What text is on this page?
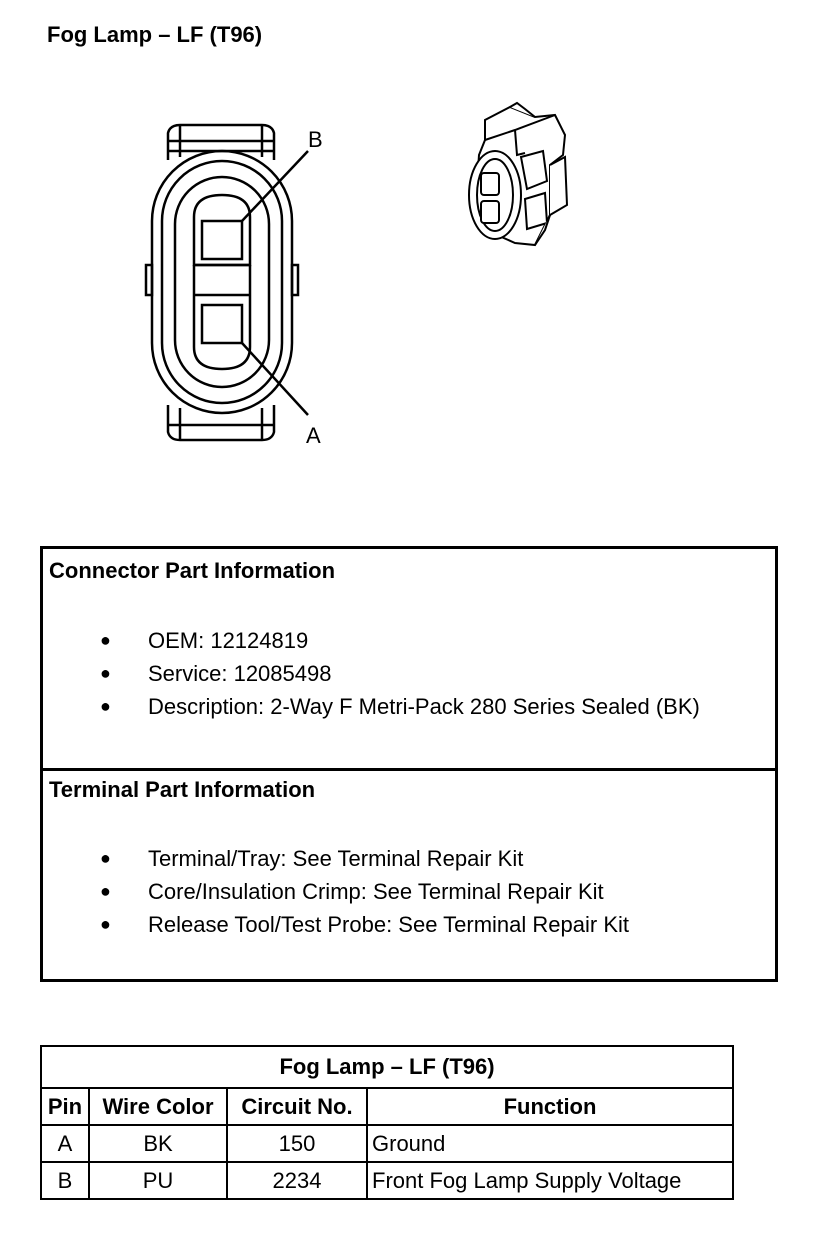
Fog Lamp – LF (T96)
B
A
Connector Part Information
● OEM: 12124819
● Service: 12085498
● Description: 2-Way F Metri-Pack 280 Series Sealed (BK)
Terminal Part Information
● Terminal/Tray: See Terminal Repair Kit
● Core/Insulation Crimp: See Terminal Repair Kit
● Release Tool/Test Probe: See Terminal Repair Kit
Fog Lamp – LF (T96)			
Pin	Wire Color	Circuit No.	Function
A	BK	150	Ground
B	PU	2234	Front Fog Lamp Supply Voltage
